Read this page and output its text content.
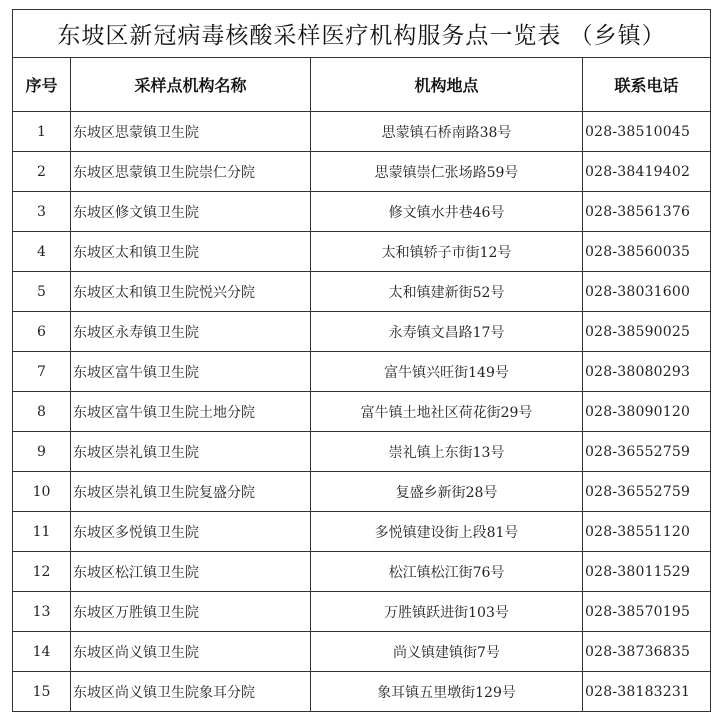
东坡区新冠病毒核酸采样医疗机构服务点一览表 （乡镇）			
序号	采样点机构名称	机构地点	联系电话
1	东坡区思蒙镇卫生院	思蒙镇石桥南路38号	028-38510045
2	东坡区思蒙镇卫生院崇仁分院	思蒙镇崇仁张场路59号	028-38419402
3	东坡区修文镇卫生院	修文镇水井巷46号	028-38561376
4	东坡区太和镇卫生院	太和镇轿子市街12号	028-38560035
5	东坡区太和镇卫生院悦兴分院	太和镇建新街52号	028-38031600
6	东坡区永寿镇卫生院	永寿镇文昌路17号	028-38590025
7	东坡区富牛镇卫生院	富牛镇兴旺街149号	028-38080293
8	东坡区富牛镇卫生院土地分院	富牛镇土地社区荷花街29号	028-38090120
9	东坡区崇礼镇卫生院	崇礼镇上东街13号	028-36552759
10	东坡区崇礼镇卫生院复盛分院	复盛乡新街28号	028-36552759
11	东坡区多悦镇卫生院	多悦镇建设街上段81号	028-38551120
12	东坡区松江镇卫生院	松江镇松江街76号	028-38011529
13	东坡区万胜镇卫生院	万胜镇跃进街103号	028-38570195
14	东坡区尚义镇卫生院	尚义镇建镇街7号	028-38736835
15	东坡区尚义镇卫生院象耳分院	象耳镇五里墩街129号	028-38183231
